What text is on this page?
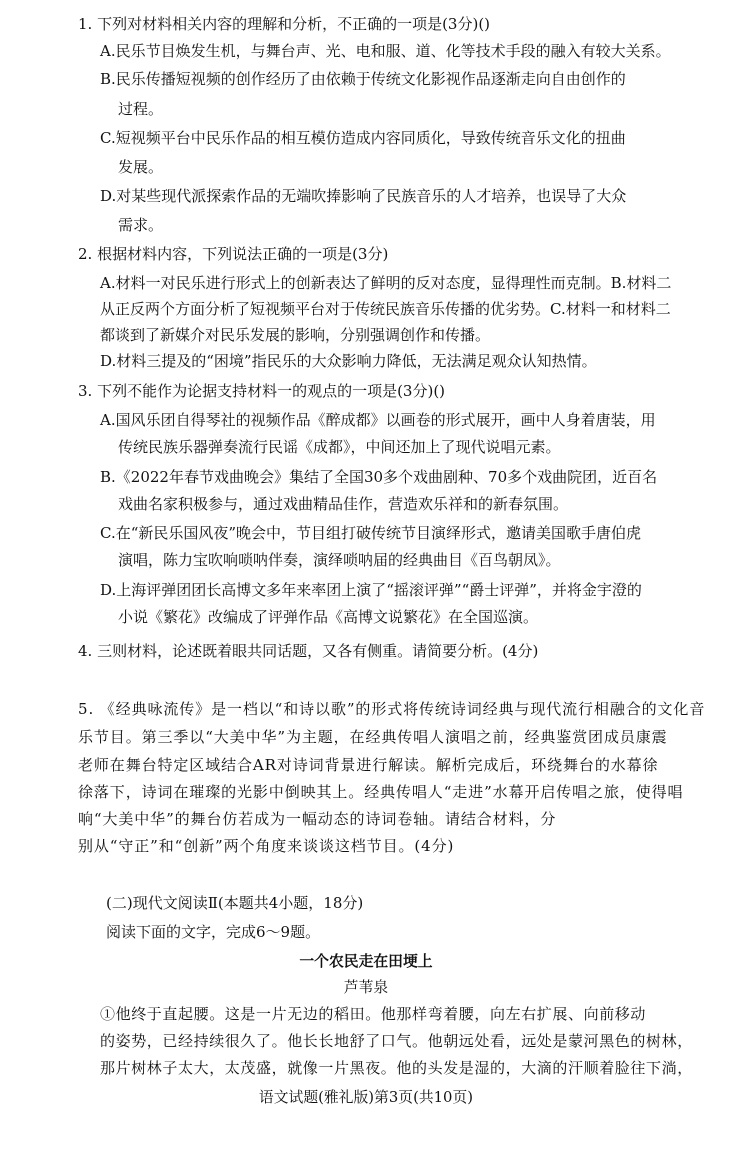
1. 下列对材料相关内容的理解和分析，不正确的一项是(3分)()
A.民乐节目焕发生机，与舞台声、光、电和服、道、化等技术手段的融入有较大关系。
B.民乐传播短视频的创作经历了由依赖于传统文化影视作品逐渐走向自由创作的
过程。
C.短视频平台中民乐作品的相互模仿造成内容同质化，导致传统音乐文化的扭曲
发展。
D.对某些现代派探索作品的无端吹捧影响了民族音乐的人才培养，也误导了大众
需求。
2. 根据材料内容，下列说法正确的一项是(3分)
A.材料一对民乐进行形式上的创新表达了鲜明的反对态度，显得理性而克制。B.材料二
从正反两个方面分析了短视频平台对于传统民族音乐传播的优劣势。C.材料一和材料二
都谈到了新媒介对民乐发展的影响，分别强调创作和传播。
D.材料三提及的“困境”指民乐的大众影响力降低，无法满足观众认知热情。
3. 下列不能作为论据支持材料一的观点的一项是(3分)()
A.国风乐团自得琴社的视频作品《醉成都》以画卷的形式展开，画中人身着唐装，用
传统民族乐器弹奏流行民谣《成都》，中间还加上了现代说唱元素。
B.《2022年春节戏曲晚会》集结了全国30多个戏曲剧种、70多个戏曲院团，近百名
戏曲名家积极参与，通过戏曲精品佳作，营造欢乐祥和的新春氛围。
C.在“新民乐国风夜”晚会中，节目组打破传统节目演绎形式，邀请美国歌手唐伯虎
演唱，陈力宝吹响唢呐伴奏，演绎唢呐届的经典曲目《百鸟朝凤》。
D.上海评弹团团长高博文多年来率团上演了“摇滚评弹”“爵士评弹”，并将金宇澄的
小说《繁花》改编成了评弹作品《高博文说繁花》在全国巡演。
4. 三则材料，论述既着眼共同话题，又各有侧重。请简要分析。(4分)
5. 《经典咏流传》是一档以“和诗以歌”的形式将传统诗词经典与现代流行相融合的文化音
乐节目。第三季以“大美中华”为主题，在经典传唱人演唱之前，经典鉴赏团成员康震
老师在舞台特定区域结合AR对诗词背景进行解读。解析完成后，环绕舞台的水幕徐
徐落下，诗词在璀璨的光影中倒映其上。经典传唱人“走进”水幕开启传唱之旅，使得唱
响“大美中华”的舞台仿若成为一幅动态的诗词卷轴。请结合材料，分
别从“守正”和“创新”两个角度来谈谈这档节目。(4分)
(二)现代文阅读Ⅱ(本题共4小题，18分)
阅读下面的文字，完成6～9题。
一个农民走在田埂上
芦苇泉
①他终于直起腰。这是一片无边的稻田。他那样弯着腰，向左右扩展、向前移动
的姿势，已经持续很久了。他长长地舒了口气。他朝远处看，远处是蒙河黑色的树林，
那片树林子太大，太茂盛，就像一片黑夜。他的头发是湿的，大滴的汗顺着脸往下淌，
语文试题(雅礼版)第3页(共10页)
